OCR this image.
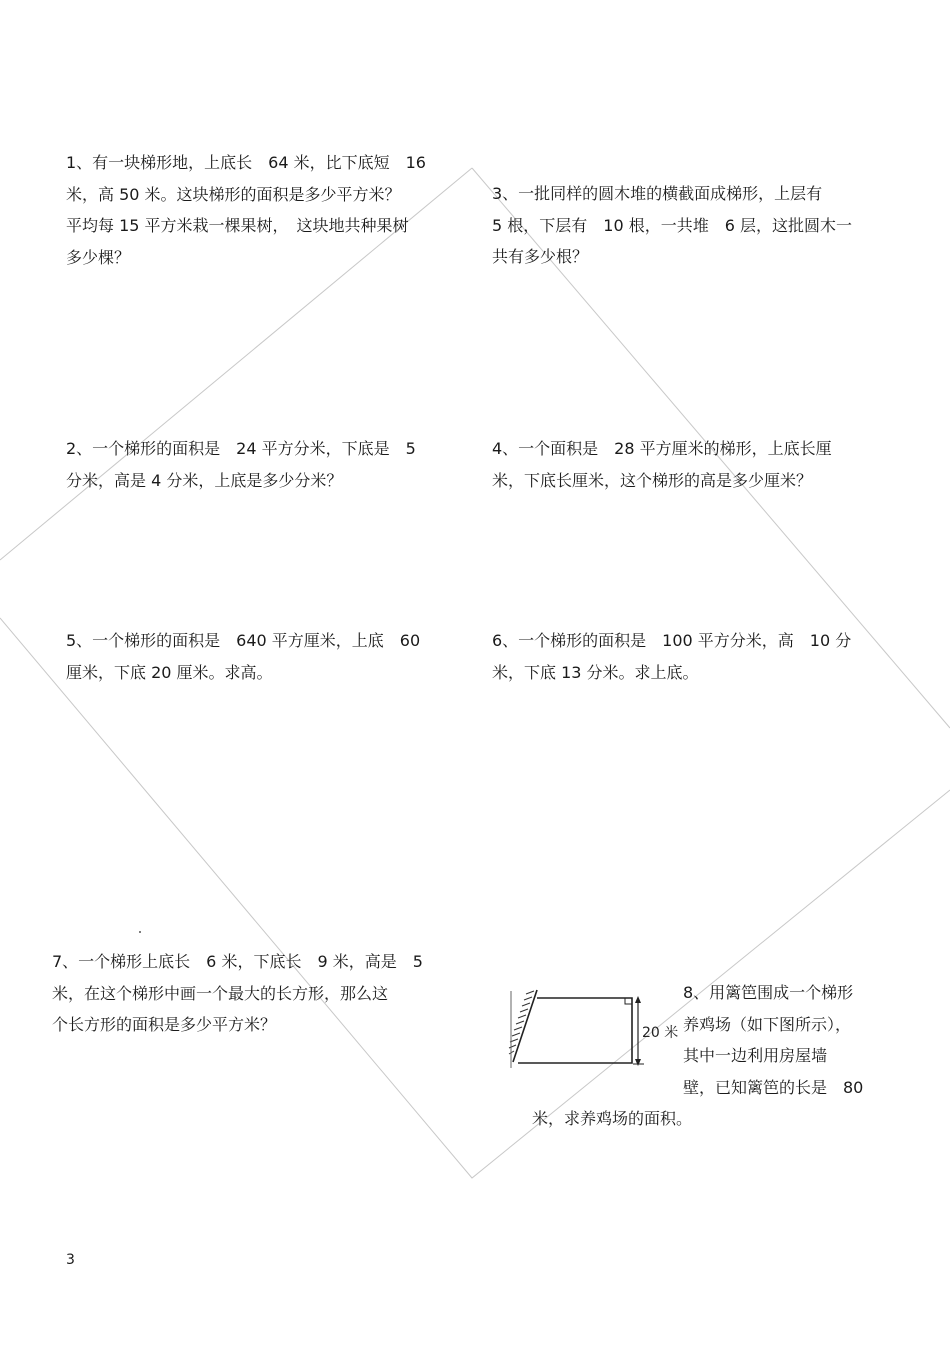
1、有一块梯形地，上底长　64 米，比下底短　16
米，高 50 米。这块梯形的面积是多少平方米？
平均每 15 平方米栽一棵果树，　这块地共种果树
多少棵？
3、一批同样的圆木堆的横截面成梯形，上层有
5 根，下层有　10 根，一共堆　6 层，这批圆木一
共有多少根？
2、一个梯形的面积是　24 平方分米，下底是　5
分米，高是 4 分米，上底是多少分米？
4、一个面积是　28 平方厘米的梯形，上底长厘
米，下底长厘米，这个梯形的高是多少厘米？
5、一个梯形的面积是　640 平方厘米，上底　60
厘米，下底 20 厘米。求高。
6、一个梯形的面积是　100 平方分米，高　10 分
米，下底 13 分米。求上底。
7、一个梯形上底长　6 米，下底长　9 米，高是　5
米，在这个梯形中画一个最大的长方形，那么这
个长方形的面积是多少平方米？	20 米
8、用篱笆围成一个梯形
养鸡场（如下图所示），
其中一边利用房屋墙
壁，已知篱笆的长是　80
米，求养鸡场的面积。
3
